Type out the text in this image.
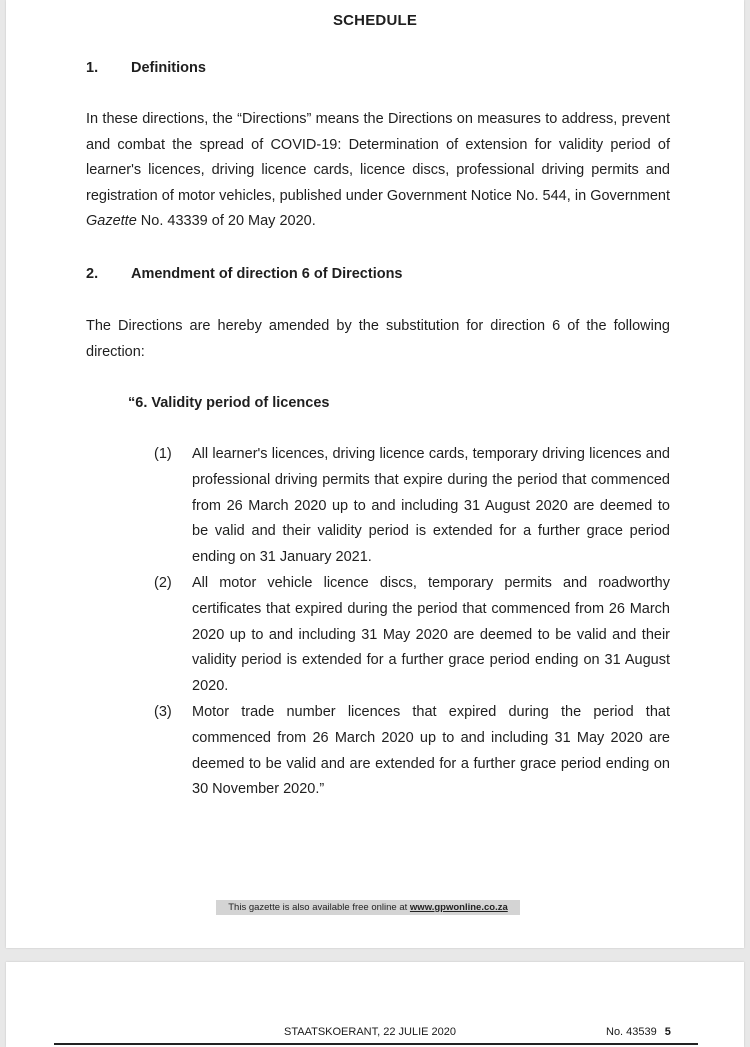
SCHEDULE
1. Definitions
In these directions, the “Directions” means the Directions on measures to address, prevent and combat the spread of COVID-19: Determination of extension for validity period of learner's licences, driving licence cards, licence discs, professional driving permits and registration of motor vehicles, published under Government Notice No. 544, in Government Gazette No. 43339 of 20 May 2020.
2. Amendment of direction 6 of Directions
The Directions are hereby amended by the substitution for direction 6 of the following direction:
“6. Validity period of licences
(1) All learner's licences, driving licence cards, temporary driving licences and professional driving permits that expire during the period that commenced from 26 March 2020 up to and including 31 August 2020 are deemed to be valid and their validity period is extended for a further grace period ending on 31 January 2021.
(2) All motor vehicle licence discs, temporary permits and roadworthy certificates that expired during the period that commenced from 26 March 2020 up to and including 31 May 2020 are deemed to be valid and their validity period is extended for a further grace period ending on 31 August 2020.
(3) Motor trade number licences that expired during the period that commenced from 26 March 2020 up to and including 31 May 2020 are deemed to be valid and are extended for a further grace period ending on 30 November 2020.”
This gazette is also available free online at www.gpwonline.co.za
STAATSKOERANT, 22 JULIE 2020	No. 43539 5
